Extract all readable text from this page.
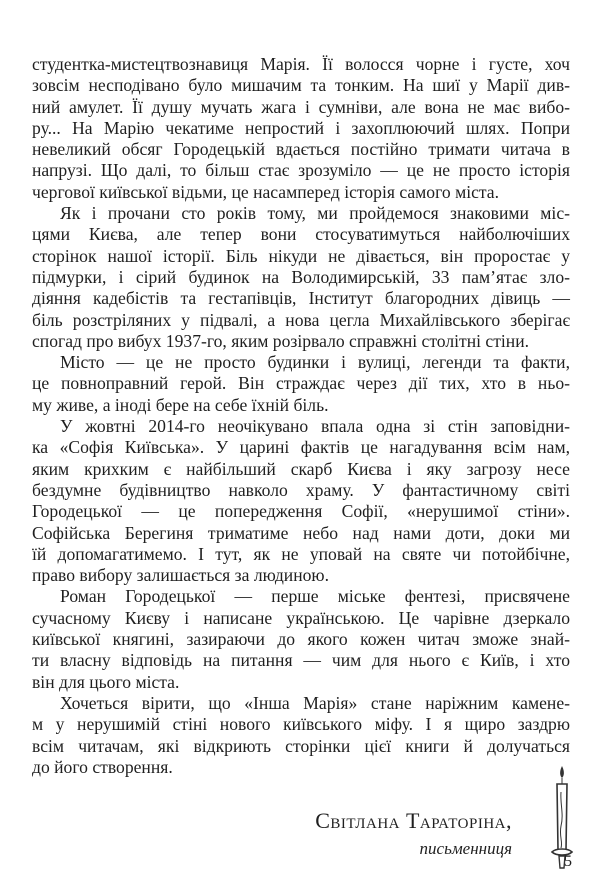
студентка-мистецтвознавиця Марія. Її волосся чорне і густе, хоч
зовсім несподівано було мишачим та тонким. На шиї у Марії див-
ний амулет. Її душу мучать жага і сумніви, але вона не має вибо-
ру... На Марію чекатиме непростий і захоплюючий шлях. Попри
невеликий обсяг Городецькій вдається постійно тримати читача в
напрузі. Що далі, то більш стає зрозуміло — це не просто історія
чергової київської відьми, це насамперед історія самого міста.
Як і прочани сто років тому, ми пройдемося знаковими міс-
цями Києва, але тепер вони стосуватимуться найболючіших
сторінок нашої історії. Біль нікуди не дівається, він проростає у
підмурки, і сірий будинок на Володимирській, 33 пам’ятає зло-
діяння кадебістів та гестапівців, Інститут благородних дівиць —
біль розстріляних у підвалі, а нова цегла Михайлівського зберігає
спогад про вибух 1937-го, яким розірвало справжні столітні стіни.
Місто — це не просто будинки і вулиці, легенди та факти,
це повноправний герой. Він страждає через дії тих, хто в ньо-
му живе, а іноді бере на себе їхній біль.
У жовтні 2014-го неочікувано впала одна зі стін заповідни-
ка «Софія Київська». У царині фактів це нагадування всім нам,
яким крихким є найбільший скарб Києва і яку загрозу несе
бездумне будівництво навколо храму. У фантастичному світі
Городецької — це попередження Софії, «нерушимої стіни».
Софійська Берегиня триматиме небо над нами доти, доки ми
їй допомагатимемо. І тут, як не уповай на святе чи потойбічне,
право вибору залишається за людиною.
Роман Городецької — перше міське фентезі, присвячене
сучасному Києву і написане українською. Це чарівне дзеркало
київської княгині, зазираючи до якого кожен читач зможе знай-
ти власну відповідь на питання — чим для нього є Київ, і хто
він для цього міста.
Хочеться вірити, що «Інша Марія» стане наріжним камене-
м у нерушимій стіні нового київського міфу. І я щиро заздрю
всім читачам, які відкриють сторінки цієї книги й долучаться
до його створення.
Світлана Тараторіна,
письменниця
5
